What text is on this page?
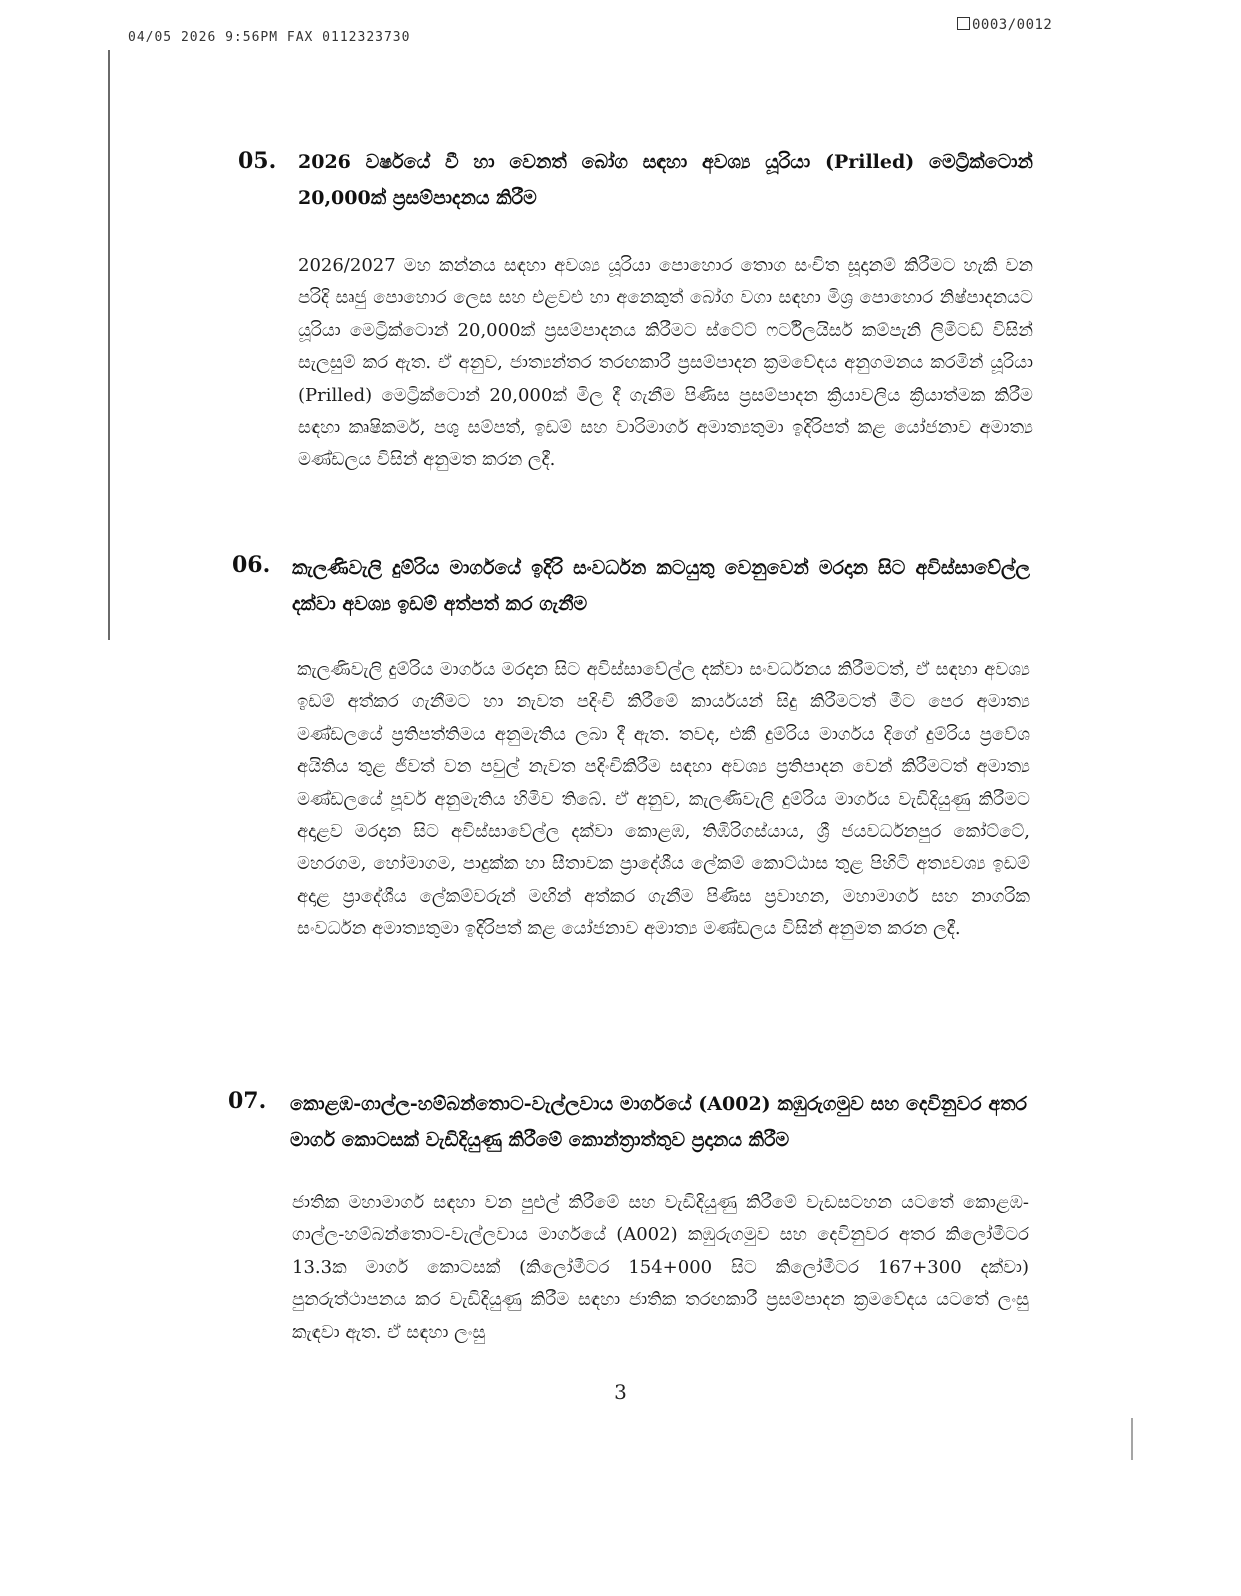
04/05 2026 9:56PM FAX 0112323730
0003/0012
05. 2026 වර්ෂයේ වී හා වෙනත් බෝග සඳහා අවශ්‍ය යූරියා (Prilled) මෙට්‍රික්ටොන් 20,000ක් ප්‍රසම්පාදනය කිරීම
2026/2027 මහ කන්නය සඳහා අවශ්‍ය යූරියා පොහොර තොග සංචිත සූදානම් කිරීමට හැකි වන පරිදි සෘජු පොහොර ලෙස සහ එළවළු හා අනෙකුත් බෝග වගා සඳහා මිශ්‍ර පොහොර නිෂ්පාදනයට යූරියා මෙට්‍රික්ටොන් 20,000ක් ප්‍රසම්පාදනය කිරීමට ස්ටේට් ෆර්ටිලයිසර් කම්පැනි ලිමිටඩ් විසින් සැලසුම් කර ඇත. ඒ අනුව, ජාත්‍යන්තර තරඟකාරී ප්‍රසම්පාදන ක්‍රමවේදය අනුගමනය කරමින් යූරියා (Prilled) මෙට්‍රික්ටොන් 20,000ක් මිල දී ගැනීම පිණිස ප්‍රසම්පාදන ක්‍රියාවලිය ක්‍රියාත්මක කිරීම සඳහා කෘෂිකර්ම, පශු සම්පත්, ඉඩම් සහ වාරිමාර්ග අමාත්‍යතුමා ඉදිරිපත් කළ යෝජනාව අමාත්‍ය මණ්ඩලය විසින් අනුමත කරන ලදී.
06. කැලණිවැලි දුම්රිය මාර්ගයේ ඉදිරි සංවර්ධන කටයුතු වෙනුවෙන් මරදාන සිට අවිස්සාවේල්ල දක්වා අවශ්‍ය ඉඩම් අත්පත් කර ගැනීම
කැලණිවැලි දුම්රිය මාර්ගය මරදාන සිට අවිස්සාවේල්ල දක්වා සංවර්ධනය කිරීමටත්, ඒ සඳහා අවශ්‍ය ඉඩම් අත්කර ගැනීමට හා නැවත පදිංචි කිරීමේ කාර්යයන් සිදු කිරීමටත් මීට පෙර අමාත්‍ය මණ්ඩලයේ ප්‍රතිපත්තිමය අනුමැතිය ලබා දී ඇත. තවද, එකී දුම්රිය මාර්ගය දිගේ දුම්රිය ප්‍රවේශ අයිතිය තුළ ජීවත් වන පවුල් නැවත පදිංචිකිරීම සඳහා අවශ්‍ය ප්‍රතිපාදන වෙන් කිරීමටත් අමාත්‍ය මණ්ඩලයේ පූර්ව අනුමැතිය හිමිව තිබේ. ඒ අනුව, කැලණිවැලි දුම්රිය මාර්ගය වැඩිදියුණු කිරීමට අදාළව මරදාන සිට අවිස්සාවේල්ල දක්වා කොළඹ, තිඹිරිගස්යාය, ශ්‍රී ජයවර්ධනපුර කෝට්ටේ, මහරගම, හෝමාගම, පාදුක්ක හා සීතාවක ප්‍රාදේශීය ලේකම් කොට්ඨාස තුළ පිහිටි අත්‍යවශ්‍ය ඉඩම් අදාළ ප්‍රාදේශීය ලේකම්වරුන් මඟින් අත්කර ගැනීම පිණිස ප්‍රවාහන, මහාමාර්ග සහ නාගරික සංවර්ධන අමාත්‍යතුමා ඉදිරිපත් කළ යෝජනාව අමාත්‍ය මණ්ඩලය විසින් අනුමත කරන ලදී.
07. කොළඹ-ගාල්ල-හම්බන්තොට-වැල්ලවාය මාර්ගයේ (A002) කඹුරුගමුව සහ දෙවිනුවර අතර මාර්ග කොටසක් වැඩිදියුණු කිරීමේ කොන්ත්‍රාත්තුව ප්‍රදානය කිරීම
ජාතික මහාමාර්ග සඳහා වන පුළුල් කිරීමේ සහ වැඩිදියුණු කිරීමේ වැඩසටහන යටතේ කොළඹ-ගාල්ල-හම්බන්තොට-වැල්ලවාය මාර්ගයේ (A002) කඹුරුගමුව සහ දෙවිනුවර අතර කිලෝමීටර 13.3ක මාර්ග කොටසක් (කිලෝමීටර 154+000 සිට කිලෝමීටර 167+300 දක්වා) පුනරුත්ථාපනය කර වැඩිදියුණු කිරීම සඳහා ජාතික තරඟකාරී ප්‍රසම්පාදන ක්‍රමවේදය යටතේ ලංසු කැඳවා ඇත. ඒ සඳහා ලංසු
3
